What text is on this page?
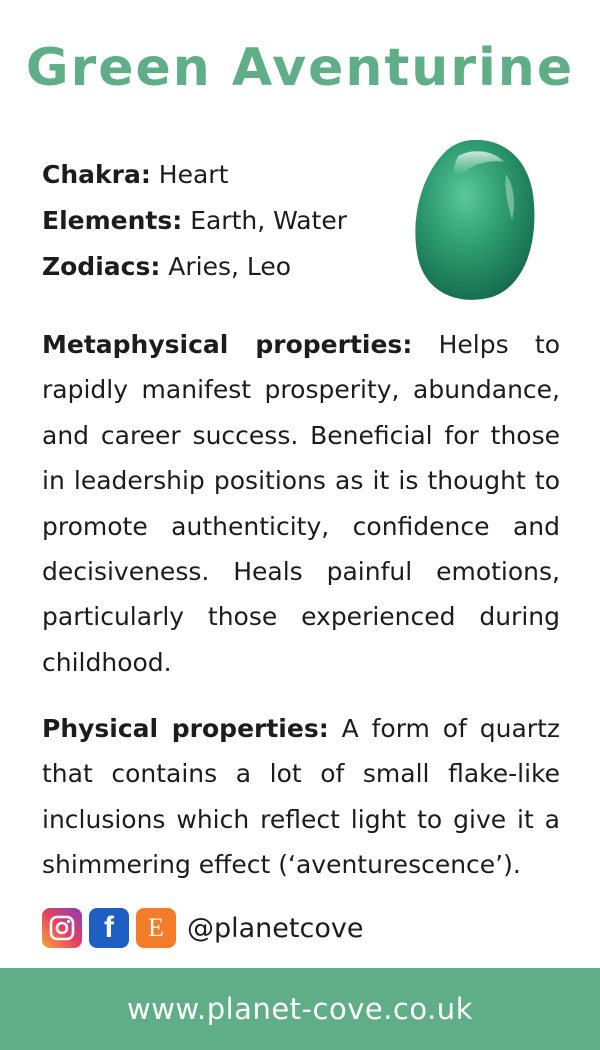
Green Aventurine
Chakra: Heart
Elements: Earth, Water
Zodiacs: Aries, Leo
Metaphysical properties: Helps to rapidly manifest prosperity, abundance, and career success. Beneficial for those in leadership positions as it is thought to promote authenticity, confidence and decisiveness. Heals painful emotions, particularly those experienced during childhood.
Physical properties: A form of quartz that contains a lot of small flake-like inclusions which reflect light to give it a shimmering effect (‘aventurescence’).
f	E @planetcove
www.planet-cove.co.uk
